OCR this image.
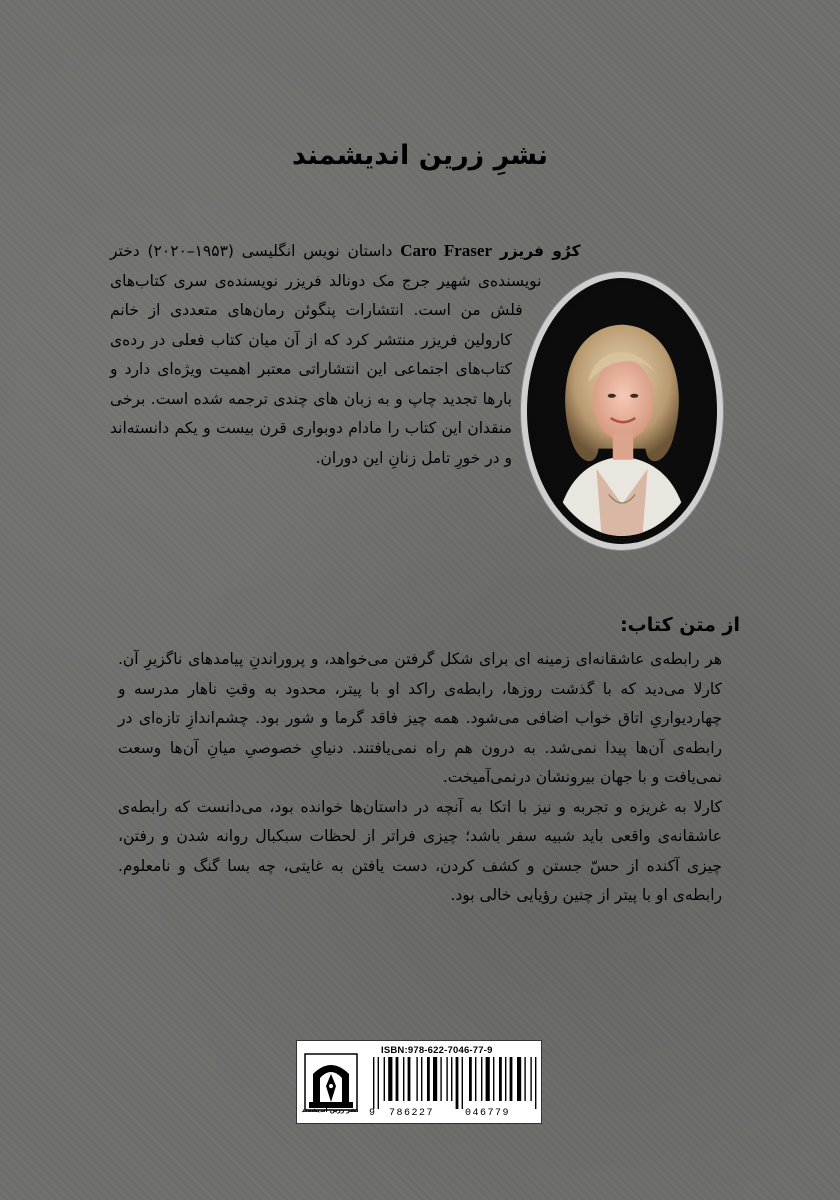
نشرِ زرین اندیشمند
کرُو فریزر Caro Fraser داستان نویس انگلیسی (۱۹۵۳–۲۰۲۰) دختر نویسنده‌ی شهیر جرج مک دونالد فریزر نویسنده‌ی سری کتاب‌های فلش من است. انتشارات پنگوئن رمان‌های متعددی از خانم کارولین فریزر منتشر کرد که از آن میان کتاب فعلی در رده‌ی کتاب‌های اجتماعی این انتشاراتی معتبر اهمیت ویژه‌ای دارد و بارها تجدید چاپ و به زبان های چندی ترجمه شده است. برخی منقدان این کتاب را مادام دوبواری قرن بیست و یکم دانسته‌اند و در خورِ تامل زنانِ این دوران.
از متن کتاب:

هر رابطه‌ی عاشقانه‌ای زمینه ای برای شکل گرفتن می‌خواهد، و پروراندنِ پیامدهای ناگزیرِ آن. کارلا می‌دید که با گذشت روزها، رابطه‌ی راکد او با پیتر، محدود به وقتِ ناهار مدرسه و چهاردیواریِ اتاق خواب اضافی می‌شود. همه چیز فاقد گرما و شور بود. چشم‌اندازِ تازه‌ای در رابطه‌ی آن‌ها پیدا نمی‌شد. به درون هم راه نمی‌یافتند. دنیایِ خصوصیِ میانِ آن‌ها وسعت نمی‌یافت و با جهان بیرونشان درنمی‌آمیخت.

کارلا به غریزه و تجربه و نیز با اتکا به آنچه در داستان‌ها خوانده بود، می‌دانست که رابطه‌ی عاشقانه‌ی واقعی باید شبیه سفر باشد؛ چیزی فراتر از لحظات سبکبال روانه شدن و رفتن، چیزی آکنده از حسّ جستن و کشف کردن، دست یافتن به غایتی، چه بسا گنگ و نامعلوم. رابطه‌ی او با پیتر از چنین رؤیایی خالی بود.

نشر زرین اندیشمند
ISBN:978-622-7046-77-9
9 786227	046779
